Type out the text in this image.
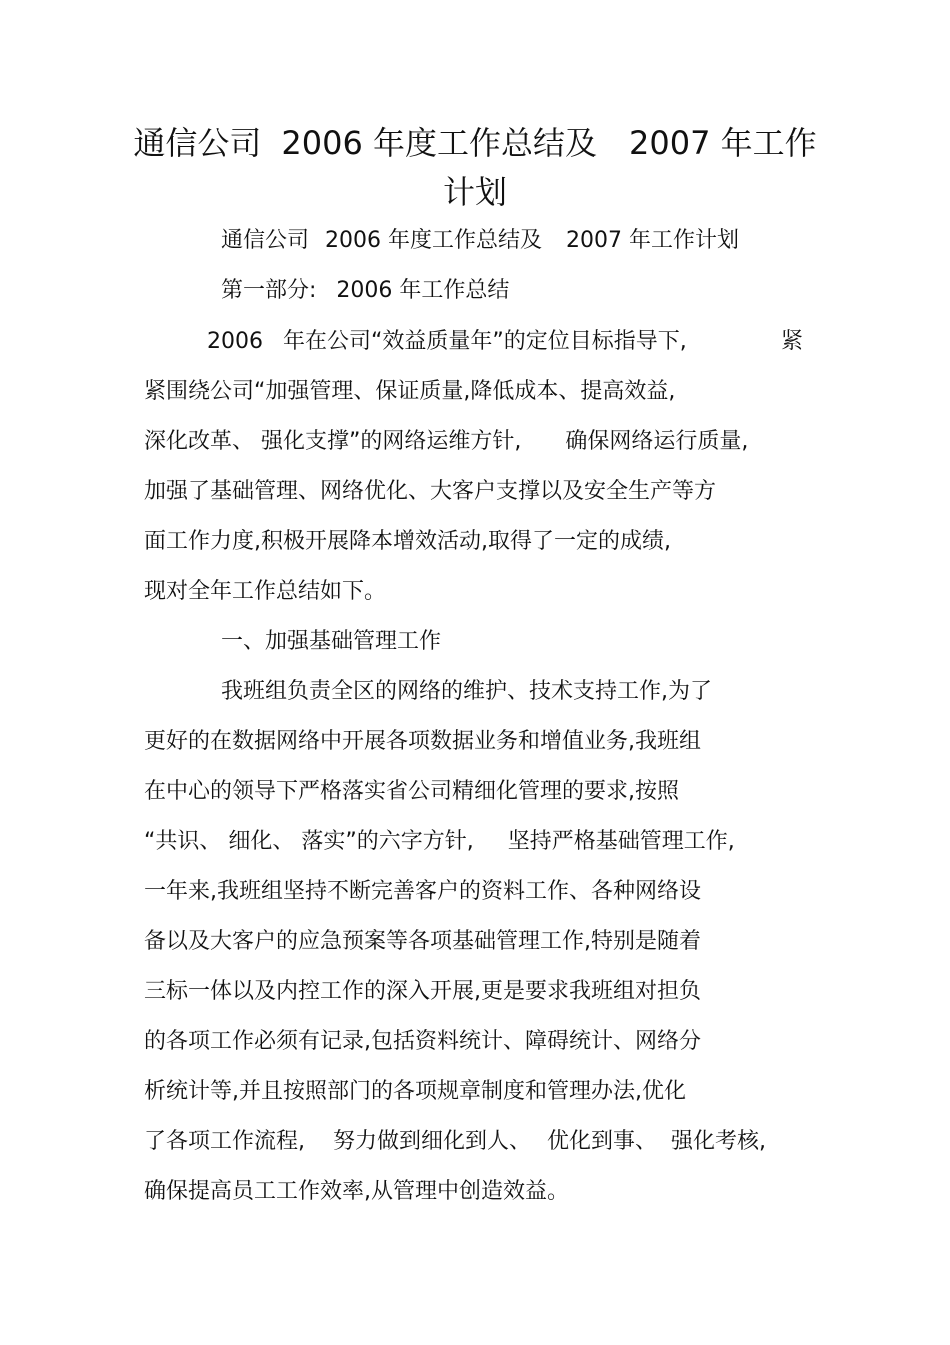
通信公司 2006 年度工作总结及 2007 年工作
计划
通信公司 2006 年度工作总结及 2007 年工作计划
第一部分: 2006 年工作总结
2006 年在公司“效益质量年”的定位目标指导下,	紧
紧围绕公司“加强管理、保证质量,降低成本、提高效益,
深化改革、 强化支撑”的网络运维方针, 确保网络运行质量,
加强了基础管理、网络优化、大客户支撑以及安全生产等方
面工作力度,积极开展降本增效活动,取得了一定的成绩,
现对全年工作总结如下。
一、加强基础管理工作
我班组负责全区的网络的维护、技术支持工作,为了
更好的在数据网络中开展各项数据业务和增值业务,我班组
在中心的领导下严格落实省公司精细化管理的要求,按照
“共识、 细化、 落实”的六字方针, 坚持严格基础管理工作,
一年来,我班组坚持不断完善客户的资料工作、各种网络设
备以及大客户的应急预案等各项基础管理工作,特别是随着
三标一体以及内控工作的深入开展,更是要求我班组对担负
的各项工作必须有记录,包括资料统计、障碍统计、网络分
析统计等,并且按照部门的各项规章制度和管理办法,优化
了各项工作流程, 努力做到细化到人、 优化到事、 强化考核,
确保提高员工工作效率,从管理中创造效益。
